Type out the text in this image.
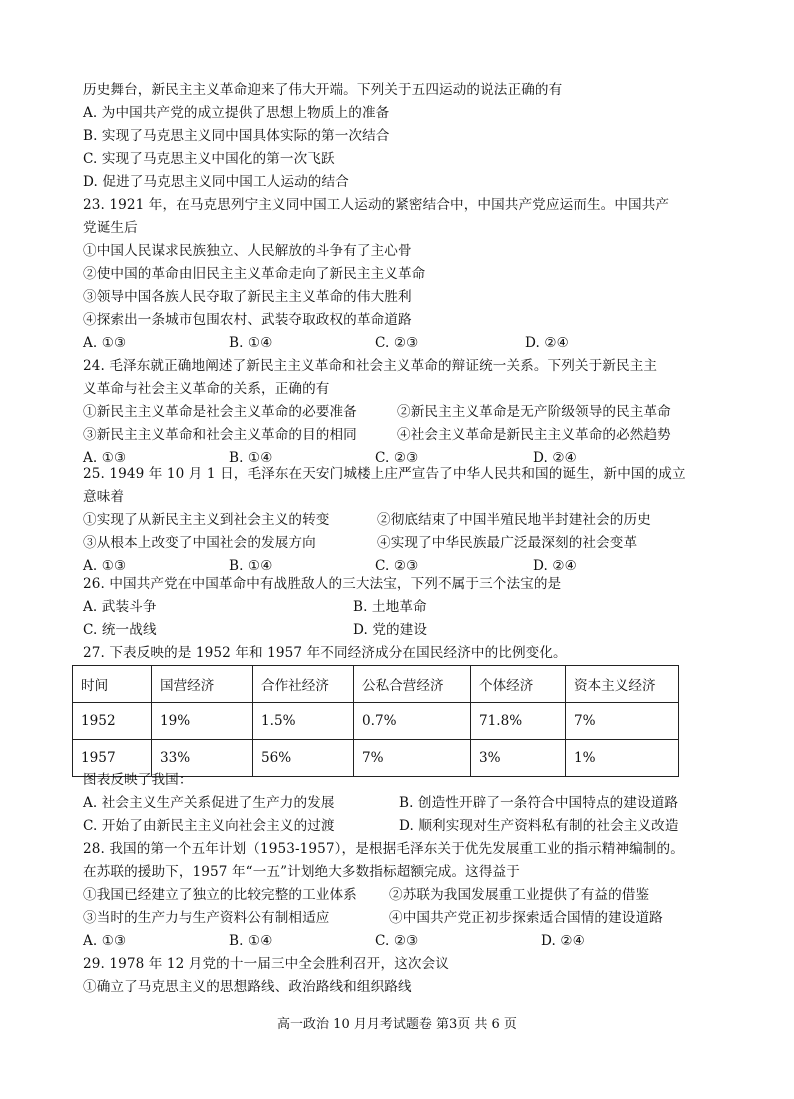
历史舞台，新民主主义革命迎来了伟大开端。下列关于五四运动的说法正确的有
A. 为中国共产党的成立提供了思想上物质上的准备
B. 实现了马克思主义同中国具体实际的第一次结合
C. 实现了马克思主义中国化的第一次飞跃
D. 促进了马克思主义同中国工人运动的结合
23. 1921 年，在马克思列宁主义同中国工人运动的紧密结合中，中国共产党应运而生。中国共产
党诞生后
①中国人民谋求民族独立、人民解放的斗争有了主心骨
②使中国的革命由旧民主主义革命走向了新民主主义革命
③领导中国各族人民夺取了新民主主义革命的伟大胜利
④探索出一条城市包围农村、武装夺取政权的革命道路
A. ①③	B. ①④	C. ②③	D. ②④
24. 毛泽东就正确地阐述了新民主主义革命和社会主义革命的辩证统一关系。下列关于新民主主
义革命与社会主义革命的关系，正确的有
①新民主主义革命是社会主义革命的必要准备	②新民主主义革命是无产阶级领导的民主革命
③新民主主义革命和社会主义革命的目的相同	④社会主义革命是新民主主义革命的必然趋势
A. ①③	B. ①④	C. ②③	D. ②④
25. 1949 年 10 月 1 日，毛泽东在天安门城楼上庄严宣告了中华人民共和国的诞生，新中国的成立
意味着
①实现了从新民主主义到社会主义的转变	②彻底结束了中国半殖民地半封建社会的历史
③从根本上改变了中国社会的发展方向	④实现了中华民族最广泛最深刻的社会变革
A. ①③	B. ①④	C. ②③	D. ②④
26. 中国共产党在中国革命中有战胜敌人的三大法宝，下列不属于三个法宝的是
A. 武装斗争	B. 土地革命
C. 统一战线	D. 党的建设
27. 下表反映的是 1952 年和 1957 年不同经济成分在国民经济中的比例变化。
时间	国营经济	合作社经济	公私合营经济	个体经济	资本主义经济
1952	19%	1.5%	0.7%	71.8%	7%
1957	33%	56%	7%	3%	1%
图表反映了我国：
A. 社会主义生产关系促进了生产力的发展	B. 创造性开辟了一条符合中国特点的建设道路
C. 开始了由新民主主义向社会主义的过渡	D. 顺利实现对生产资料私有制的社会主义改造
28. 我国的第一个五年计划（1953-1957），是根据毛泽东关于优先发展重工业的指示精神编制的。
在苏联的援助下，1957 年“一五”计划绝大多数指标超额完成。这得益于
①我国已经建立了独立的比较完整的工业体系	②苏联为我国发展重工业提供了有益的借鉴
③当时的生产力与生产资料公有制相适应	④中国共产党正初步探索适合国情的建设道路
A. ①③	B. ①④	C. ②③	D. ②④
29. 1978 年 12 月党的十一届三中全会胜利召开，这次会议
①确立了马克思主义的思想路线、政治路线和组织路线
高一政治 10 月月考试题卷 第3页 共 6 页
